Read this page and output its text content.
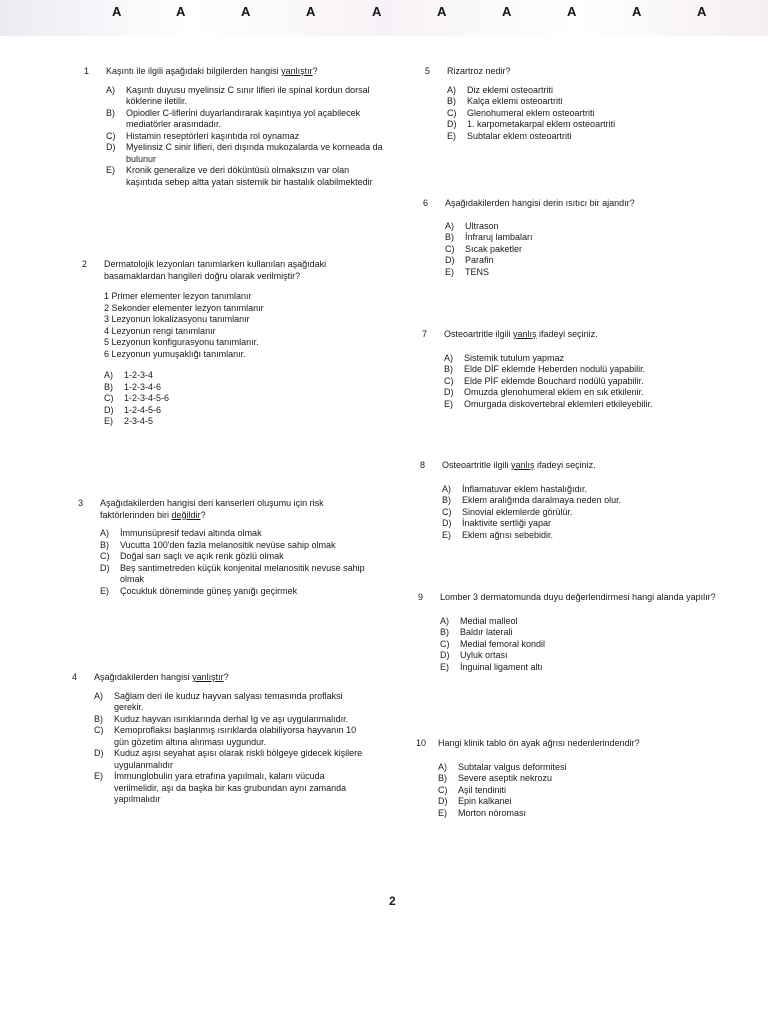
A	A	A	A	A	A	A	A	A	A
1	Kaşıntı ile ilgili aşağıdaki bilgilerden hangisi yanlıştır?
A)	Kaşıntı duyusu myelinsiz C sınır lifleri ile spinal kordun dorsal köklerine iletilir.
B)	Opiodler C-lifleri̇ni duyarlandırarak kaşıntıya yol açabilecek mediatörler arasındadır.
C)	Histamin reseptörleri kaşıntıda rol oynamaz
D)	Myelinsiz C sinir lifleri, deri dışında mukozalarda ve korneada da bulunur
E)	Kronik generalize ve deri döküntüsü olmaksızın var olan kaşıntıda sebep altta yatan sistemik bir hastalık olabilmektedir
2	Dermatolojik lezyonları tanımlarken kullanılan aşağıdaki basamaklardan hangileri doğru olarak verilmiştir?
1 Primer elementer lezyon tanımlanır
2 Sekonder elementer lezyon tanımlanır
3 Lezyonun lokalizasyonu tanımlanır
4 Lezyonun rengi tanımlanır
5 Lezyonun konfigurasyonu tanımlanır.
6 Lezyonun yumuşaklığı tanımlanır.
A)	1-2-3-4
B)	1-2-3-4-6
C)	1-2-3-4-5-6
D)	1-2-4-5-6
E)	2-3-4-5
3	Aşağıdakilerden hangisi deri kanserleri oluşumu için risk faktörlerinden biri değildir?
A)	İmmunsüpresif tedavi altında olmak
B)	Vucutta 100'den fazla melanositik nevüse sahip olmak
C)	Doğal sarı saçlı ve açık renk gözlü olmak
D)	Beş santimetreden küçük konjenital melanositik nevuse sahip olmak
E)	Çocukluk döneminde güneş yanığı geçirmek
4	Aşağıdakilerden hangisi yanlıştır?
A)	Sağlam deri ile kuduz hayvan salyası temasında proflaksi gerekir.
B)	Kuduz hayvan ısırıklarında derhal Ig ve aşı uygulanmalıdır.
C)	Kemoproflaksı başlanmış ısırıklarda olabiliyorsa hayvanın 10 gün gözetim altına alınması uygundur.
D)	Kuduz aşısı seyahat aşısı olarak riskli bölgeye gidecek kişilere uygulanmalıdır
E)	İmmunglobulin yara etrafına yapılmalı, kalanı vücuda verilmelidir, aşı da başka bir kas grubundan aynı zamanda yapılmalıdır
5	Rizartroz nedir?
A)	Diz eklemi osteoartriti
B)	Kalça eklemi osteoartriti
C)	Glenohumeral eklem osteoartriti
D)	1. karpometakarpal eklem osteoartriti
E)	Subtalar eklem osteoartriti
6	Aşağıdakilerden hangisi derin ısıtıcı bir ajandır?
A)	Ultrason
B)	İnfraruj lambaları
C)	Sıcak paketler
D)	Parafin
E)	TENS
7	Osteoartritle ilgili yanlış ifadeyi seçiniz.
A)	Sistemik tutulum yapmaz
B)	Elde DİF eklemde Heberden nodulü yapabilir.
C)	Elde PİF eklemde Bouchard nodülü yapabilir.
D)	Omuzda glenohumeral eklem en sık etkilenir.
E)	Omurgada diskovertebral eklemleri etkileyebilir.
8	Osteoartritle ilgili yanlış ifadeyi seçiniz.
A)	İnflamatuvar eklem hastalığıdır.
B)	Eklem aralığında daralmaya neden olur.
C)	Sinovial eklemlerde görülür.
D)	İnaktivite sertliği yapar
E)	Eklem ağrısı sebebidir.
9	Lomber 3 dermatomunda duyu değerlendirmesi hangi alanda yapılır?
A)	Medial malleol
B)	Baldır laterali
C)	Medial femoral kondil
D)	Uyluk ortası
E)	İnguinal ligament altı
10	Hangi klinik tablo ön ayak ağrısı nedenlerindendir?
A)	Subtalar valgus deformitesi
B)	Severe aseptik nekrozu
C)	Aşil tendiniti
D)	Epin kalkanei
E)	Morton nöroması
2
